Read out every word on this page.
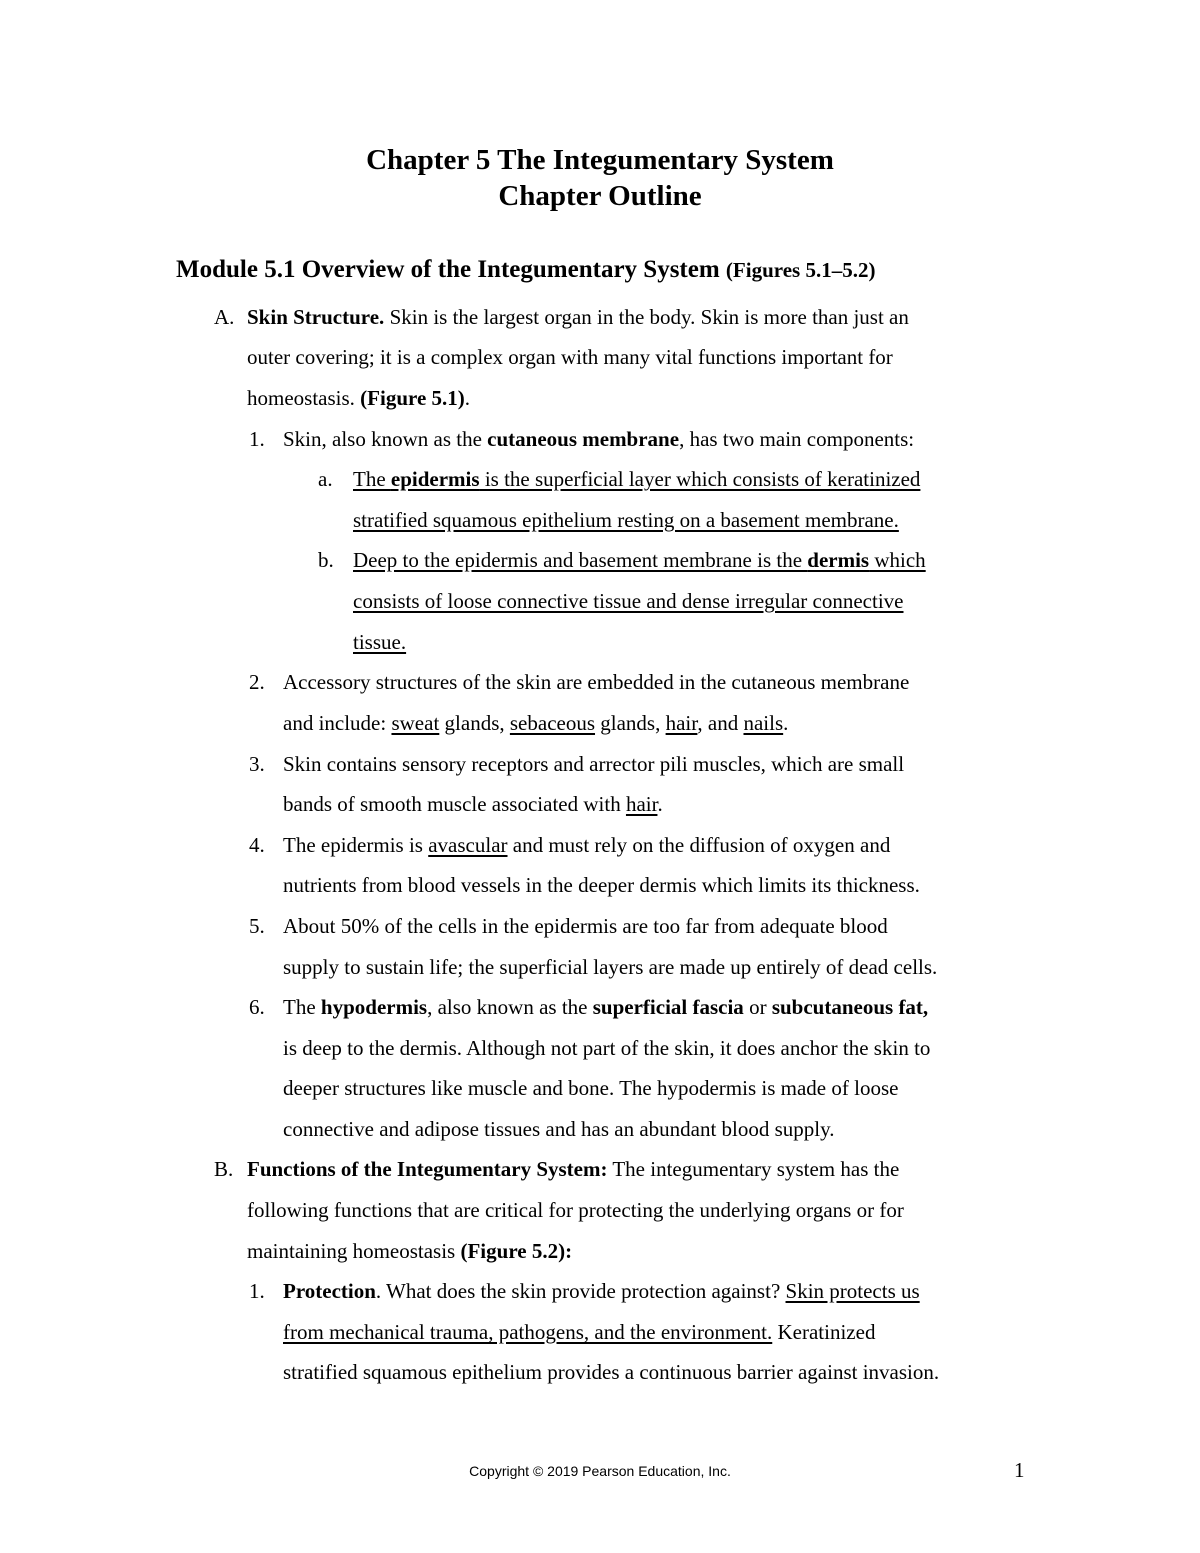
Chapter 5 The Integumentary System
Chapter Outline
Module 5.1 Overview of the Integumentary System (Figures 5.1–5.2)
A. Skin Structure. Skin is the largest organ in the body. Skin is more than just an
outer covering; it is a complex organ with many vital functions important for
homeostasis. (Figure 5.1).
1. Skin, also known as the cutaneous membrane, has two main components:
a. The epidermis is the superficial layer which consists of keratinized
stratified squamous epithelium resting on a basement membrane.
b. Deep to the epidermis and basement membrane is the dermis which
consists of loose connective tissue and dense irregular connective
tissue.
2. Accessory structures of the skin are embedded in the cutaneous membrane
and include: sweat glands, sebaceous glands, hair, and nails.
3. Skin contains sensory receptors and arrector pili muscles, which are small
bands of smooth muscle associated with hair.
4. The epidermis is avascular and must rely on the diffusion of oxygen and
nutrients from blood vessels in the deeper dermis which limits its thickness.
5. About 50% of the cells in the epidermis are too far from adequate blood
supply to sustain life; the superficial layers are made up entirely of dead cells.
6. The hypodermis, also known as the superficial fascia or subcutaneous fat,
is deep to the dermis. Although not part of the skin, it does anchor the skin to
deeper structures like muscle and bone. The hypodermis is made of loose
connective and adipose tissues and has an abundant blood supply.
B. Functions of the Integumentary System: The integumentary system has the
following functions that are critical for protecting the underlying organs or for
maintaining homeostasis (Figure 5.2):
1. Protection. What does the skin provide protection against? Skin protects us
from mechanical trauma, pathogens, and the environment. Keratinized
stratified squamous epithelium provides a continuous barrier against invasion.
Copyright © 2019 Pearson Education, Inc.	1
